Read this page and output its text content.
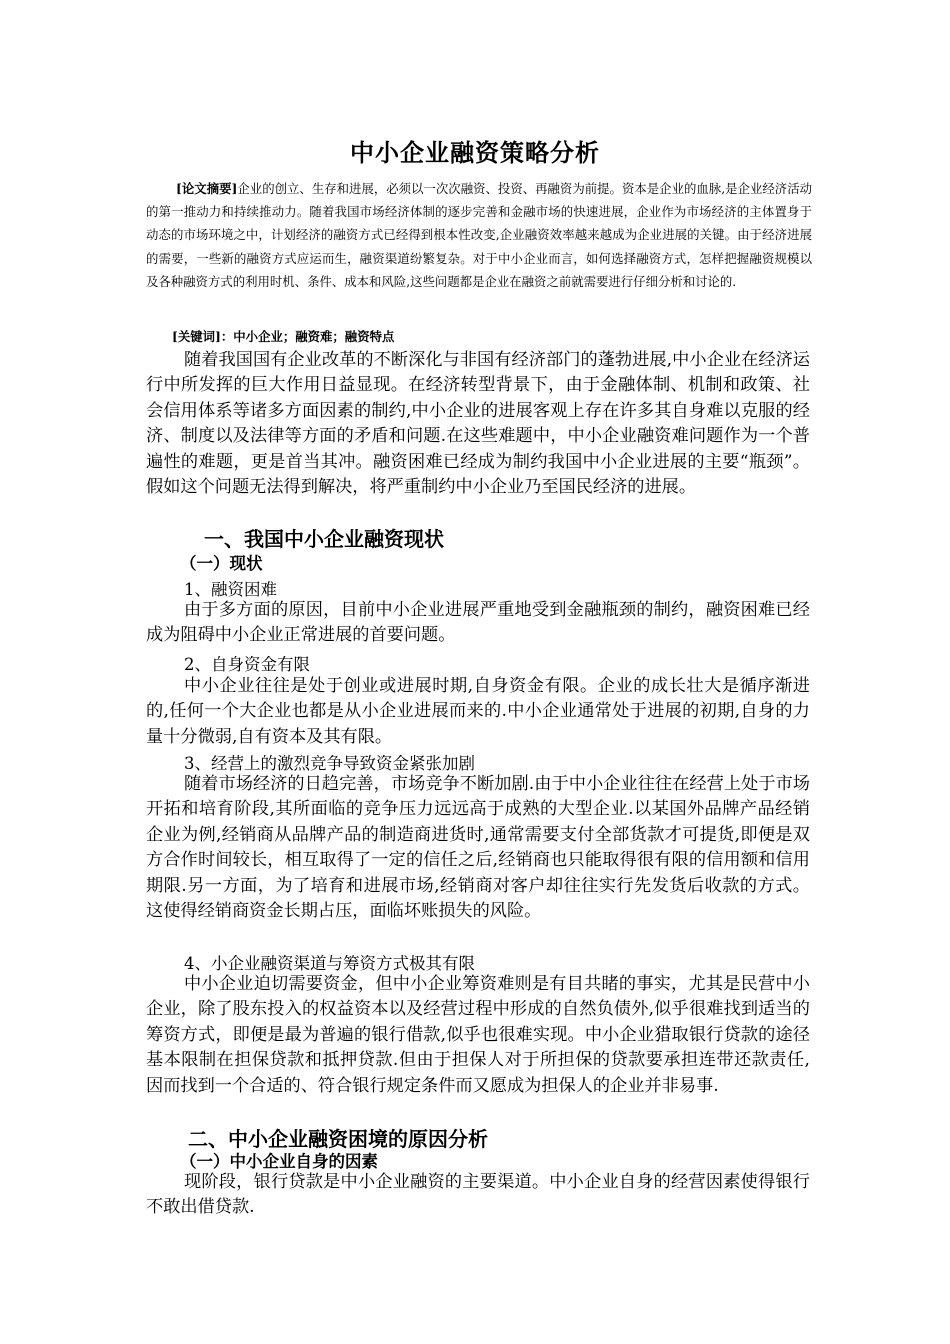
中小企业融资策略分析

[论文摘要]企业的创立、生存和进展，必须以一次次融资、投资、再融资为前提。资本是企业的血脉,是企业经济活动的第一推动力和持续推动力。随着我国市场经济体制的逐步完善和金融市场的快速进展，企业作为市场经济的主体置身于动态的市场环境之中，计划经济的融资方式已经得到根本性改变,企业融资效率越来越成为企业进展的关键。由于经济进展的需要，一些新的融资方式应运而生，融资渠道纷繁复杂。对于中小企业而言，如何选择融资方式，怎样把握融资规模以及各种融资方式的利用时机、条件、成本和风险,这些问题都是企业在融资之前就需要进行仔细分析和讨论的.

[关键词]：中小企业；融资难；融资特点

随着我国国有企业改革的不断深化与非国有经济部门的蓬勃进展,中小企业在经济运行中所发挥的巨大作用日益显现。在经济转型背景下，由于金融体制、机制和政策、社会信用体系等诸多方面因素的制约,中小企业的进展客观上存在许多其自身难以克服的经济、制度以及法律等方面的矛盾和问题.在这些难题中，中小企业融资难问题作为一个普遍性的难题，更是首当其冲。融资困难已经成为制约我国中小企业进展的主要“瓶颈”。假如这个问题无法得到解决，将严重制约中小企业乃至国民经济的进展。

一、我国中小企业融资现状
（一）现状

1、融资困难

由于多方面的原因，目前中小企业进展严重地受到金融瓶颈的制约，融资困难已经成为阻碍中小企业正常进展的首要问题。

2、自身资金有限

中小企业往往是处于创业或进展时期,自身资金有限。企业的成长壮大是循序渐进的,任何一个大企业也都是从小企业进展而来的.中小企业通常处于进展的初期,自身的力量十分微弱,自有资本及其有限。

3、经营上的激烈竞争导致资金紧张加剧

随着市场经济的日趋完善，市场竞争不断加剧.由于中小企业往往在经营上处于市场开拓和培育阶段,其所面临的竞争压力远远高于成熟的大型企业.以某国外品牌产品经销企业为例,经销商从品牌产品的制造商进货时,通常需要支付全部货款才可提货,即便是双方合作时间较长，相互取得了一定的信任之后,经销商也只能取得很有限的信用额和信用期限.另一方面，为了培育和进展市场,经销商对客户却往往实行先发货后收款的方式。这使得经销商资金长期占压，面临坏账损失的风险。

4、小企业融资渠道与筹资方式极其有限

中小企业迫切需要资金，但中小企业筹资难则是有目共睹的事实，尤其是民营中小企业，除了股东投入的权益资本以及经营过程中形成的自然负债外,似乎很难找到适当的筹资方式，即便是最为普遍的银行借款,似乎也很难实现。中小企业猎取银行贷款的途径基本限制在担保贷款和抵押贷款.但由于担保人对于所担保的贷款要承担连带还款责任,因而找到一个合适的、符合银行规定条件而又愿成为担保人的企业并非易事.

二、中小企业融资困境的原因分析
（一）中小企业自身的因素

现阶段，银行贷款是中小企业融资的主要渠道。中小企业自身的经营因素使得银行不敢出借贷款.
